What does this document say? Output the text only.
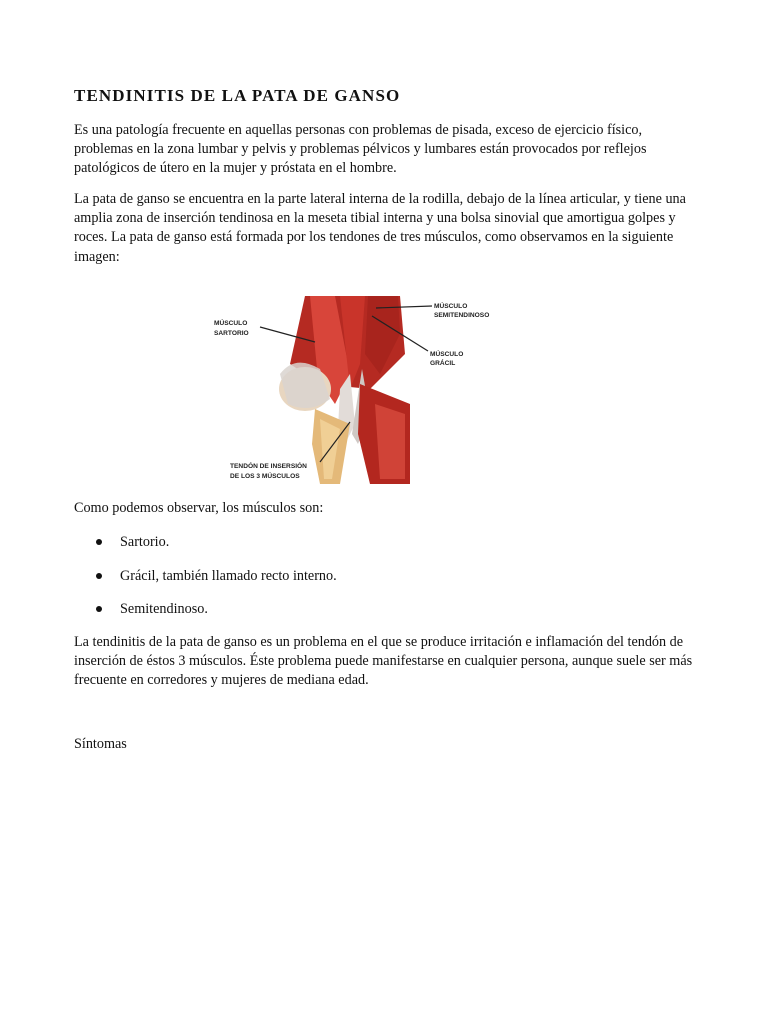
TENDINITIS DE LA PATA DE GANSO

Es una patología frecuente en aquellas personas con problemas de pisada, exceso de ejercicio físico, problemas en la zona lumbar y pelvis y problemas pélvicos y lumbares están provocados por reflejos patológicos de útero en la mujer y próstata en el hombre.

La pata de ganso se encuentra en la parte lateral interna de la rodilla, debajo de la línea articular, y tiene una amplia zona de inserción tendinosa en la meseta tibial interna y una bolsa sinovial que amortigua golpes y roces. La pata de ganso está formada por los tendones de tres músculos, como observamos en la siguiente imagen:

MÚSCULO
SARTORIO
MÚSCULO
SEMITENDINOSO
MÚSCULO
GRÁCIL
TENDÓN DE INSERSIÓN
DE LOS 3 MÚSCULOS

Como podemos observar, los músculos son:

Sartorio.
Grácil, también llamado recto interno.
Semitendinoso.

La tendinitis de la pata de ganso es un problema en el que se produce irritación e inflamación del tendón de inserción de éstos 3 músculos. Éste problema puede manifestarse en cualquier persona, aunque suele ser más frecuente en corredores y mujeres de mediana edad.

Síntomas
